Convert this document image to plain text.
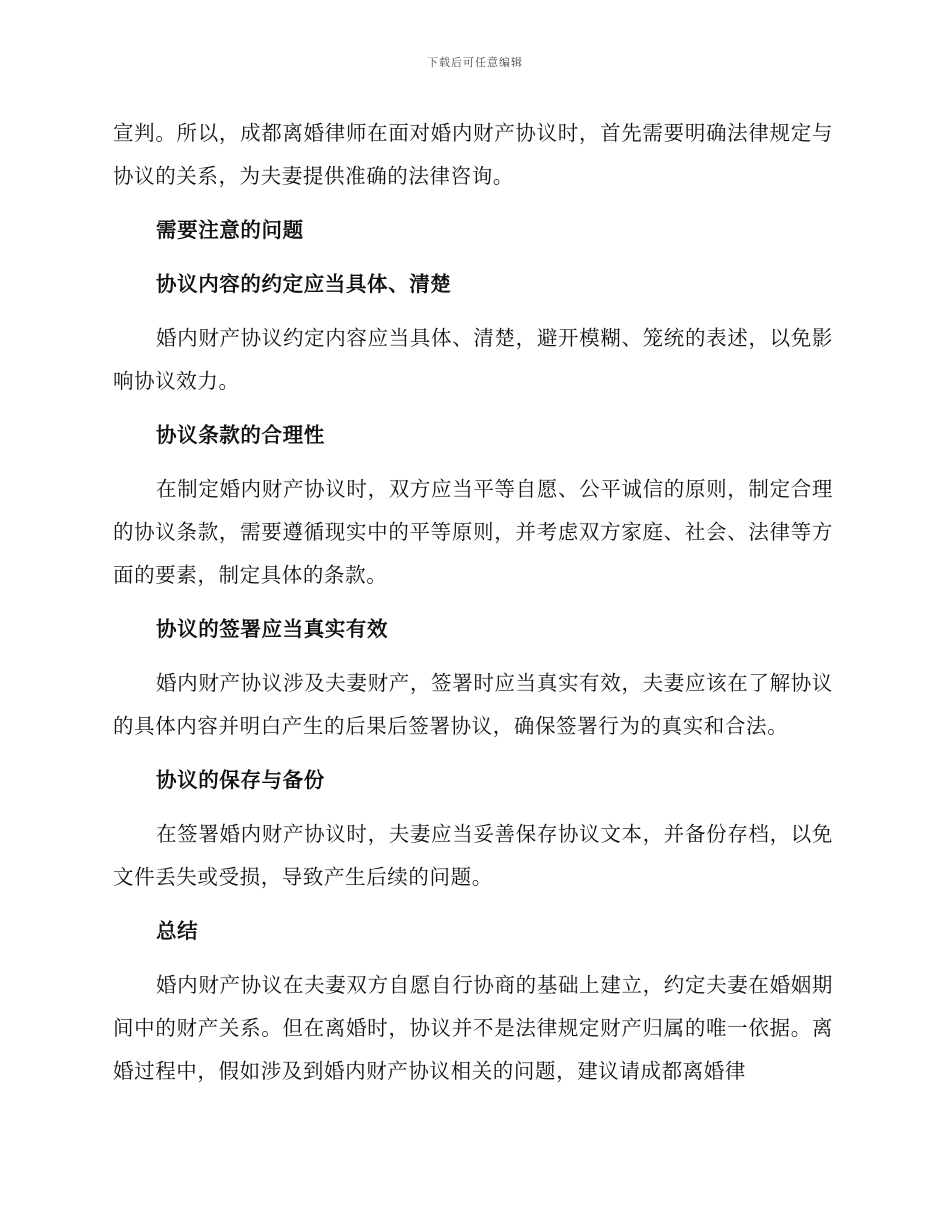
下载后可任意编辑

宣判。所以，成都离婚律师在面对婚内财产协议时，首先需要明确法律规定与协议的关系，为夫妻提供准确的法律咨询。

需要注意的问题
协议内容的约定应当具体、清楚

婚内财产协议约定内容应当具体、清楚，避开模糊、笼统的表述，以免影响协议效力。

协议条款的合理性

在制定婚内财产协议时，双方应当平等自愿、公平诚信的原则，制定合理的协议条款，需要遵循现实中的平等原则，并考虑双方家庭、社会、法律等方面的要素，制定具体的条款。

协议的签署应当真实有效

婚内财产协议涉及夫妻财产，签署时应当真实有效，夫妻应该在了解协议的具体内容并明白产生的后果后签署协议，确保签署行为的真实和合法。

协议的保存与备份

在签署婚内财产协议时，夫妻应当妥善保存协议文本，并备份存档，以免文件丢失或受损，导致产生后续的问题。

总结

婚内财产协议在夫妻双方自愿自行协商的基础上建立，约定夫妻在婚姻期间中的财产关系。但在离婚时，协议并不是法律规定财产归属的唯一依据。离婚过程中，假如涉及到婚内财产协议相关的问题，建议请成都离婚律
